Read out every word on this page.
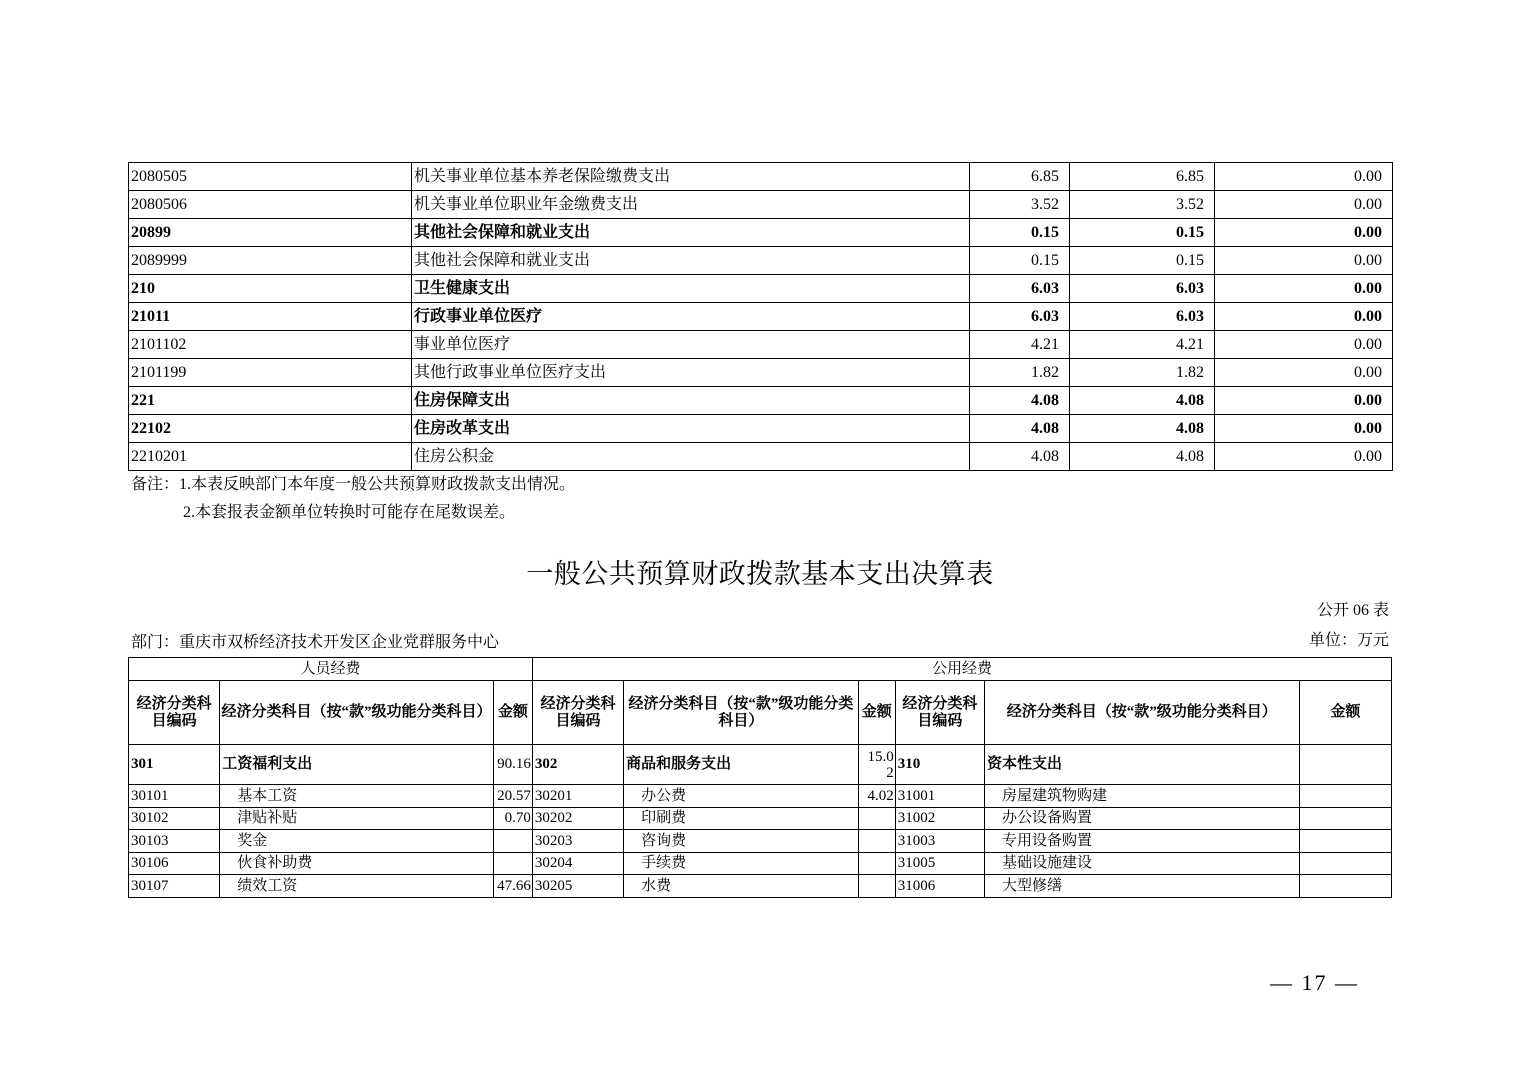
2080505	机关事业单位基本养老保险缴费支出	6.85	6.85	0.00
2080506	机关事业单位职业年金缴费支出	3.52	3.52	0.00
20899	其他社会保障和就业支出	0.15	0.15	0.00
2089999	其他社会保障和就业支出	0.15	0.15	0.00
210	卫生健康支出	6.03	6.03	0.00
21011	行政事业单位医疗	6.03	6.03	0.00
2101102	事业单位医疗	4.21	4.21	0.00
2101199	其他行政事业单位医疗支出	1.82	1.82	0.00
221	住房保障支出	4.08	4.08	0.00
22102	住房改革支出	4.08	4.08	0.00
2210201	住房公积金	4.08	4.08	0.00
备注：1.本表反映部门本年度一般公共预算财政拨款支出情况。
2.本套报表金额单位转换时可能存在尾数误差。
一般公共预算财政拨款基本支出决算表
公开 06 表
部门：重庆市双桥经济技术开发区企业党群服务中心	单位：万元
人员经费			公用经费					
经济分类科目编码	经济分类科目（按“款”级功能分类科目）	金额	经济分类科目编码	经济分类科目（按“款”级功能分类科目）	金额	经济分类科目编码	经济分类科目（按“款”级功能分类科目）	金额
301	工资福利支出	90.16	302	商品和服务支出	15.02	310	资本性支出	
30101	基本工资	20.57	30201	办公费	4.02	31001	房屋建筑物购建	
30102	津贴补贴	0.70	30202	印刷费		31002	办公设备购置	
30103	奖金		30203	咨询费		31003	专用设备购置	
30106	伙食补助费		30204	手续费		31005	基础设施建设	
30107	绩效工资	47.66	30205	水费		31006	大型修缮	
— 17 —
